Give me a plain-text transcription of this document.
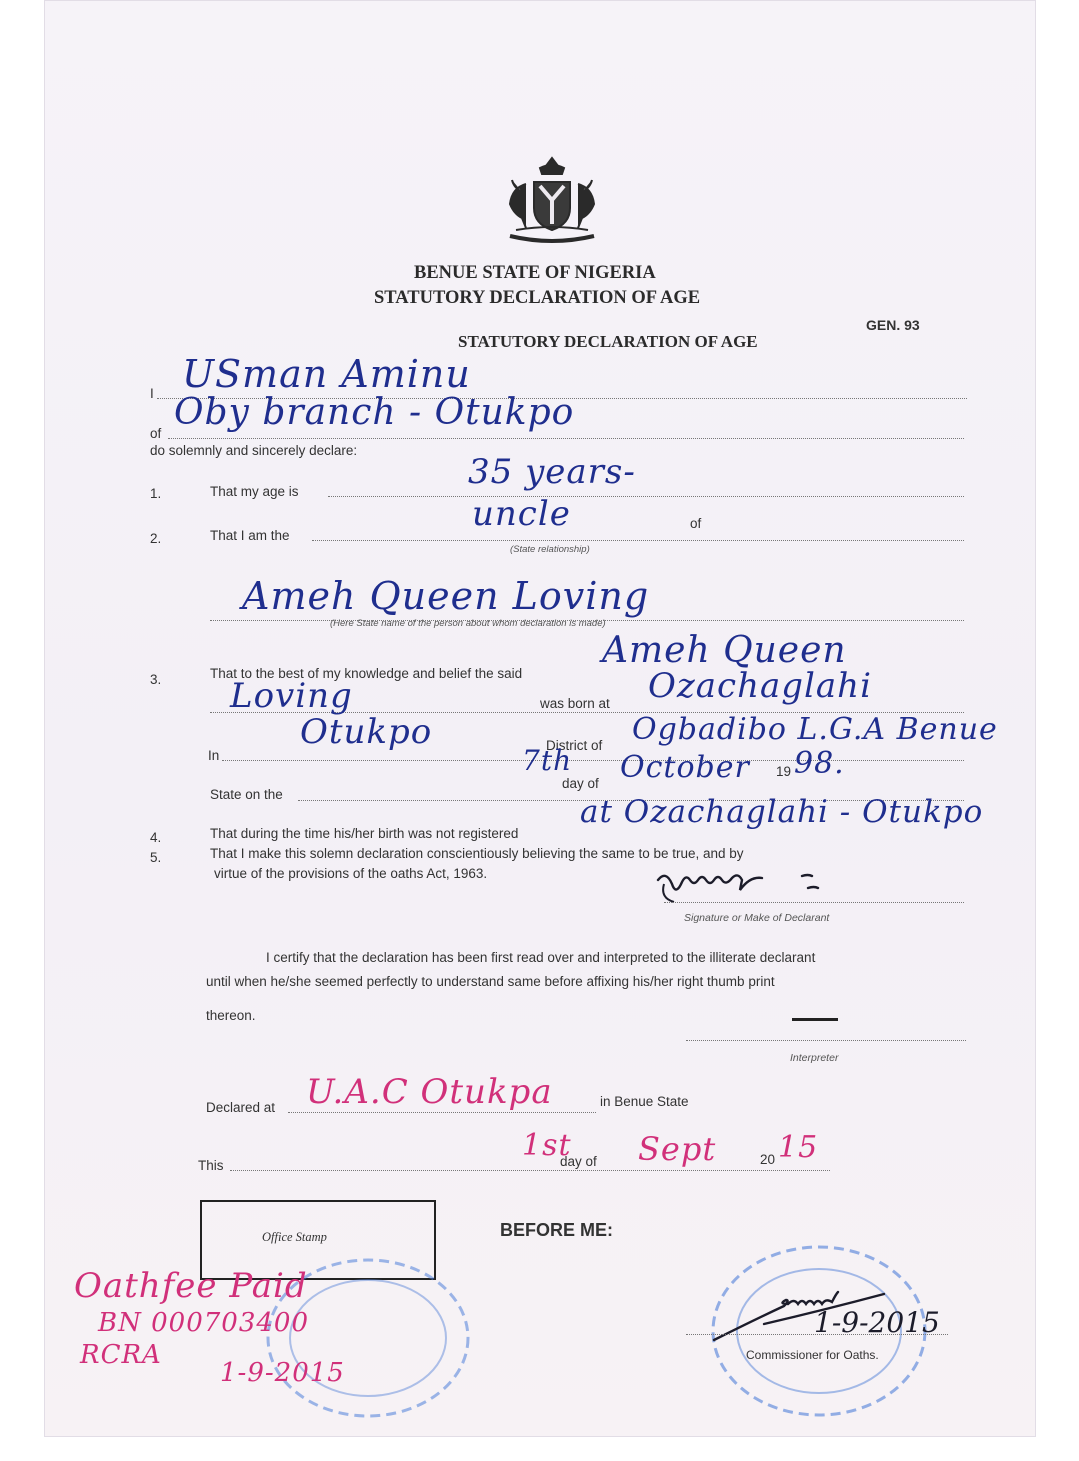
BENUE STATE OF NIGERIA
STATUTORY DECLARATION OF AGE
GEN. 93
STATUTORY DECLARATION OF AGE
I USman Aminu
of
Oby branch - Otukpo
do solemnly and sincerely declare:
1.	That my age is	35 years-
2.	That I am the
of
uncle
(State relationship)
Ameh Queen Loving
(Here State name of the person about whom declaration is made)
3.	That to the best of my knowledge and belief the said
Ameh Queen
Loving	was born at Ozachaglahi
In
Otukpo	District of Ogbadibo L.G.A Benue
State on the
7th
day of October 19 98.
4.	That during the time his/her birth was not registered
at Ozachaglahi - Otukpo
5.	That I make this solemn declaration conscientiously believing the same to be true, and by
virtue of the provisions of the oaths Act, 1963.
Signature or Make of Declarant
I certify that the declaration has been first read over and interpreted to the illiterate declarant
until when he/she seemed perfectly to understand same before affixing his/her right thumb print
thereon.
Interpreter
Declared at U.A.C Otukpa	in Benue State
This
1st
day of Sept	20 15
Office Stamp	BEFORE ME:
Oathfee Paid
BN 000703400
RCRA
1-9-2015
1-9-2015
Commissioner for Oaths.
